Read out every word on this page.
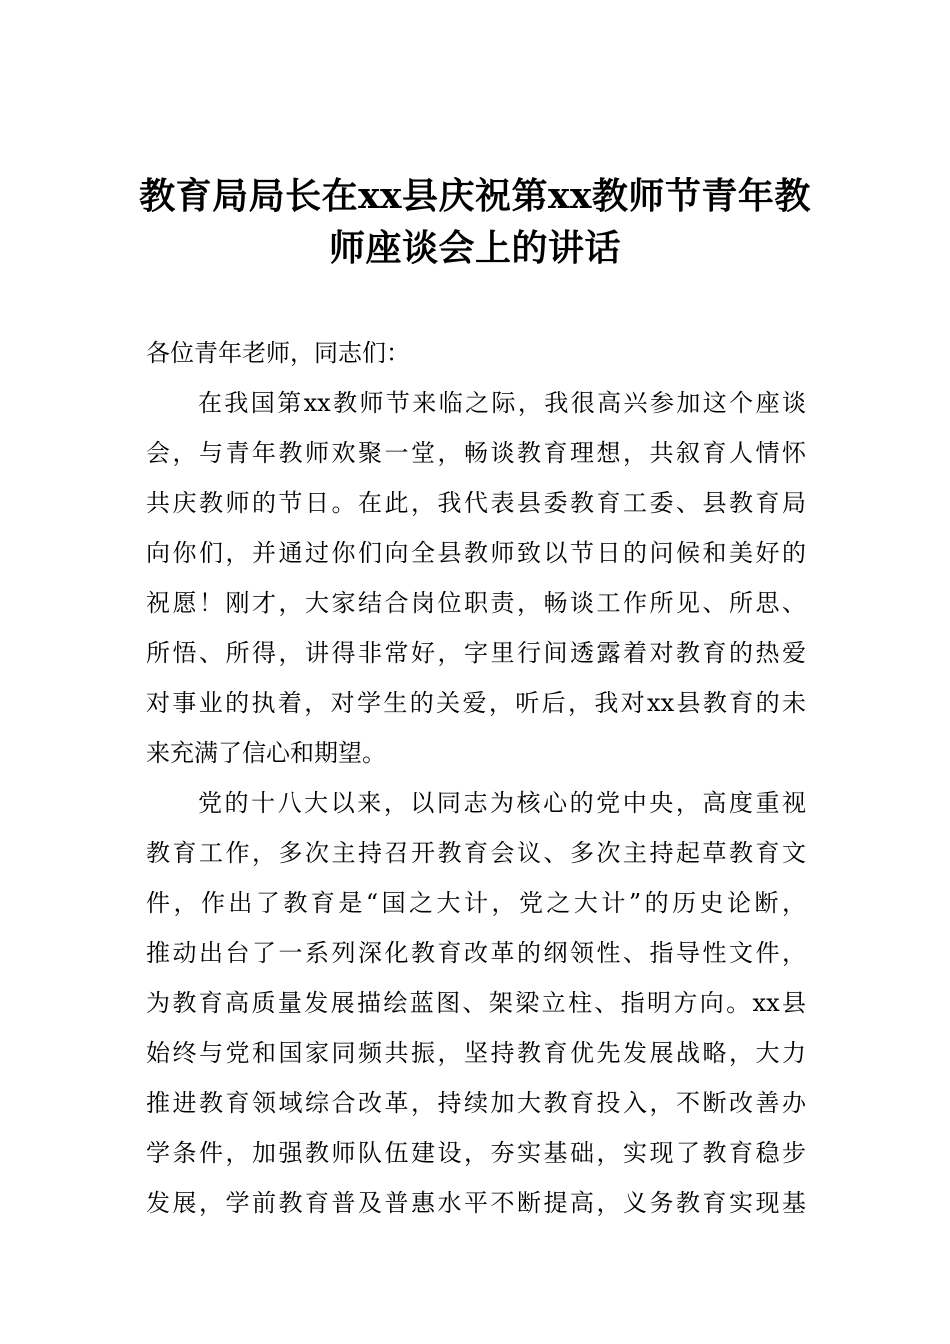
教育局局长在xx县庆祝第xx教师节青年教
师座谈会上的讲话
各位青年老师，同志们：
在我国第xx教师节来临之际，我很高兴参加这个座谈
会，与青年教师欢聚一堂，畅谈教育理想，共叙育人情怀
共庆教师的节日。在此，我代表县委教育工委、县教育局
向你们，并通过你们向全县教师致以节日的问候和美好的
祝愿！刚才，大家结合岗位职责，畅谈工作所见、所思、
所悟、所得，讲得非常好，字里行间透露着对教育的热爱
对事业的执着，对学生的关爱，听后，我对xx县教育的未
来充满了信心和期望。
党的十八大以来，以同志为核心的党中央，高度重视
教育工作，多次主持召开教育会议、多次主持起草教育文
件，作出了教育是“国之大计，党之大计”的历史论断，
推动出台了一系列深化教育改革的纲领性、指导性文件，
为教育高质量发展描绘蓝图、架梁立柱、指明方向。xx县
始终与党和国家同频共振，坚持教育优先发展战略，大力
推进教育领域综合改革，持续加大教育投入，不断改善办
学条件，加强教师队伍建设，夯实基础，实现了教育稳步
发展，学前教育普及普惠水平不断提高，义务教育实现基
